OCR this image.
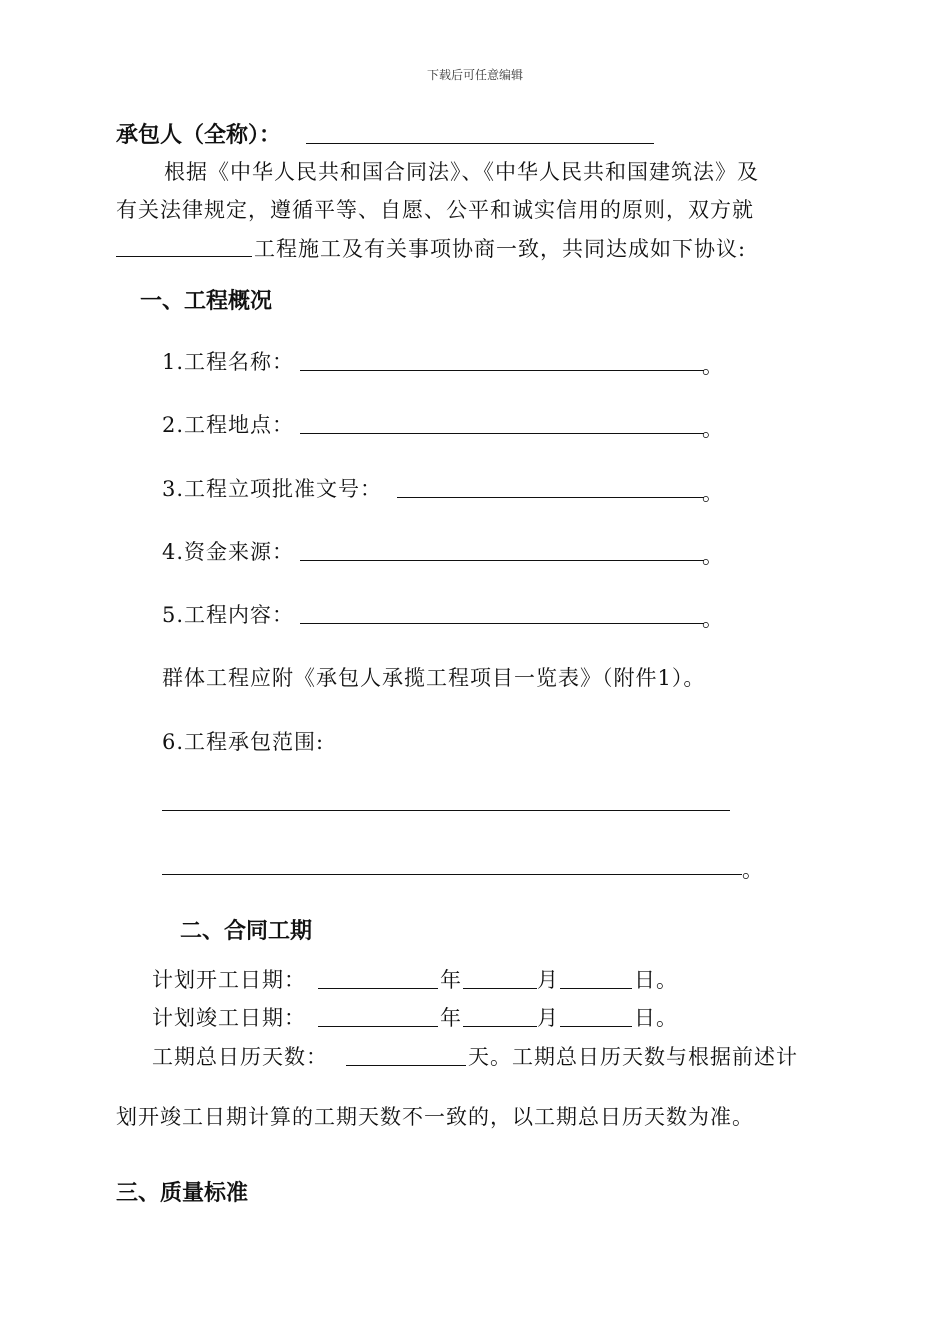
下载后可任意编辑
承包人（全称）：
根据《中华人民共和国合同法》、《中华人民共和国建筑法》及
有关法律规定，遵循平等、自愿、公平和诚实信用的原则，双方就
工程施工及有关事项协商一致，共同达成如下协议:
一、工程概况
1.工程名称：	。
2.工程地点：	。
3.工程立项批准文号：	。
4.资金来源：	。
5.工程内容：	。
群体工程应附《承包人承揽工程项目一览表》（附件1）。
6.工程承包范围:
。
二、合同工期
计划开工日期：	年	月	日。
计划竣工日期：	年	月	日。
工期总日历天数：	天。工期总日历天数与根据前述计
划开竣工日期计算的工期天数不一致的，以工期总日历天数为准。
三、质量标准
